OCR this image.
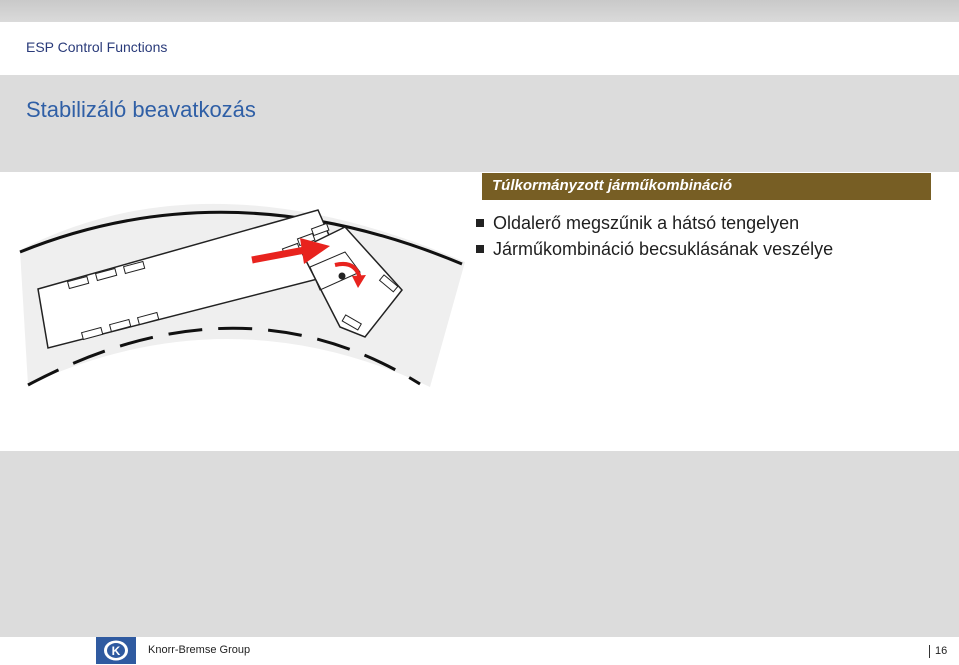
ESP Control Functions
Stabilizáló beavatkozás
Túlkormányzott járműkombináció
Oldalerő megszűnik a hátsó tengelyen
Járműkombináció becsuklásának veszélye
K	Knorr-Bremse Group	16
